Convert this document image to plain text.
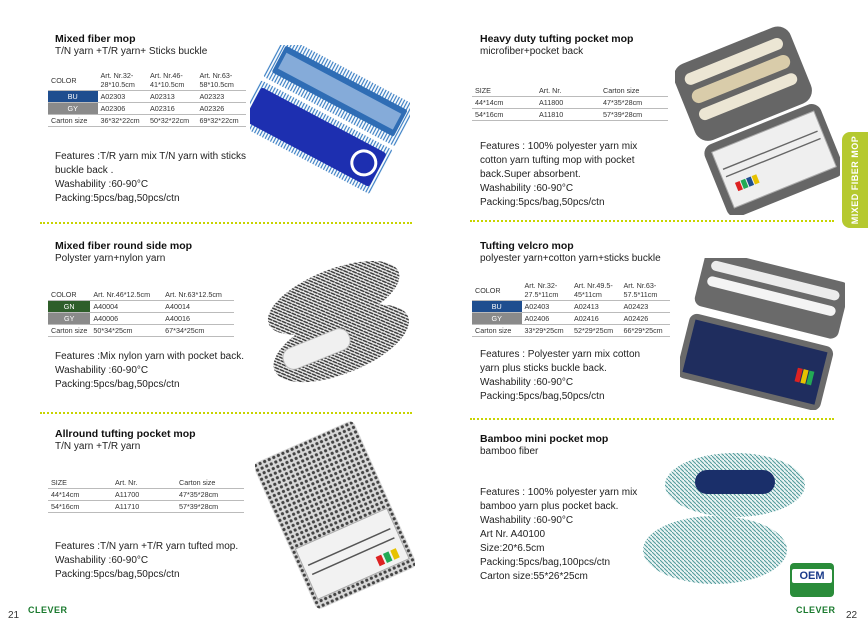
Mixed fiber mop
T/N yarn +T/R yarn+ Sticks buckle
COLOR	Art. Nr.32-28*10.5cm	Art. Nr.46-41*10.5cm	Art. Nr.63-58*10.5cm
BU	A02303	A02313	A02323
GY	A02306	A02316	A02326
Carton size	36*32*22cm	50*32*22cm	69*32*22cm
Features :T/R yarn mix T/N yarn with sticks
buckle back .
Washability :60-90°C
Packing:5pcs/bag,50pcs/ctn
Mixed fiber round side mop
Polyster yarn+nylon yarn
COLOR	Art. Nr.46*12.5cm	Art. Nr.63*12.5cm
GN	A40004	A40014
GY	A40006	A40016
Carton size	50*34*25cm	67*34*25cm
Features :Mix nylon yarn with pocket back.
Washability :60-90°C
Packing:5pcs/bag,50pcs/ctn
Allround tufting pocket mop
T/N yarn +T/R yarn
SIZE	Art. Nr.	Carton size
44*14cm	A11700	47*35*28cm
54*16cm	A11710	57*39*28cm
Features :T/N yarn +T/R yarn tufted mop.
Washability :60-90°C
Packing:5pcs/bag,50pcs/ctn
21 CLEVER
Heavy duty tufting pocket mop
microfiber+pocket back
SIZE	Art. Nr.	Carton size
44*14cm	A11800	47*35*28cm
54*16cm	A11810	57*39*28cm
Features : 100% polyester yarn mix
cotton yarn tufting mop with pocket
back.Super absorbent.
Washability :60-90°C
Packing:5pcs/bag,50pcs/ctn	MIXED FIBER MOP
Tufting velcro mop
polyester yarn+cotton yarn+sticks buckle
COLOR	Art. Nr.32-27.5*11cm	Art. Nr.49.5-45*11cm	Art. Nr.63-57.5*11cm
BU	A02403	A02413	A02423
GY	A02406	A02416	A02426
Carton size	33*29*25cm	52*29*25cm	66*29*25cm
Features : Polyester yarn mix cotton
yarn plus sticks buckle back.
Washability :60-90°C
Packing:5pcs/bag,50pcs/ctn
Bamboo mini pocket mop
bamboo fiber
Features : 100% polyester yarn mix
bamboo yarn plus pocket back.
Washability :60-90°C
Art Nr. A40100
Size:20*6.5cm
Packing:5pcs/bag,100pcs/ctn
Carton size:55*26*25cm	OEM
CLEVER 22
